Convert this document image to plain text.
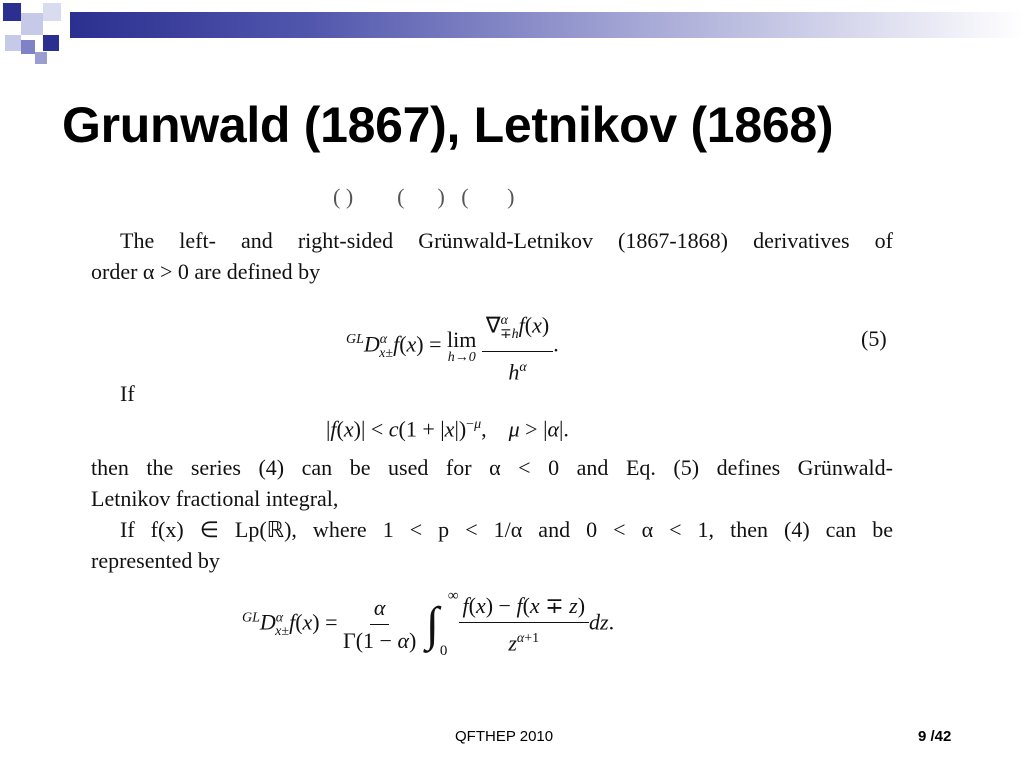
Grunwald (1867), Letnikov (1868)
( )        (      )   (       )
The left- and right-sided Grünwald-Letnikov (1867-1868) derivatives of
order α > 0 are defined by
$^{GL}D^\alpha_{x\pm}f(x) = \lim$
h→0
$\frac{\nabla^\alpha_{\mp h}f(x)}{h^\alpha}$ .	(5)
If
$|f(x)| < c(1 + |x|)^{-\mu}$,    μ > |α|.
then the series (4) can be used for α < 0 and Eq. (5) defines Grünwald-
Letnikov fractional integral,
If f(x) ∈ Lp(ℝ), where 1 < p < 1/α and 0 < α < 1, then (4) can be
represented by
$^{GL}D^\alpha_{x\pm}f(x) = \frac{\alpha}{\Gamma(1 - \alpha)}$ ∫
∞
0
$\frac{f(x) - f(x \mp z)}{z^{\alpha+1}}$ dz.
QFTHEP 2010	9 /42
